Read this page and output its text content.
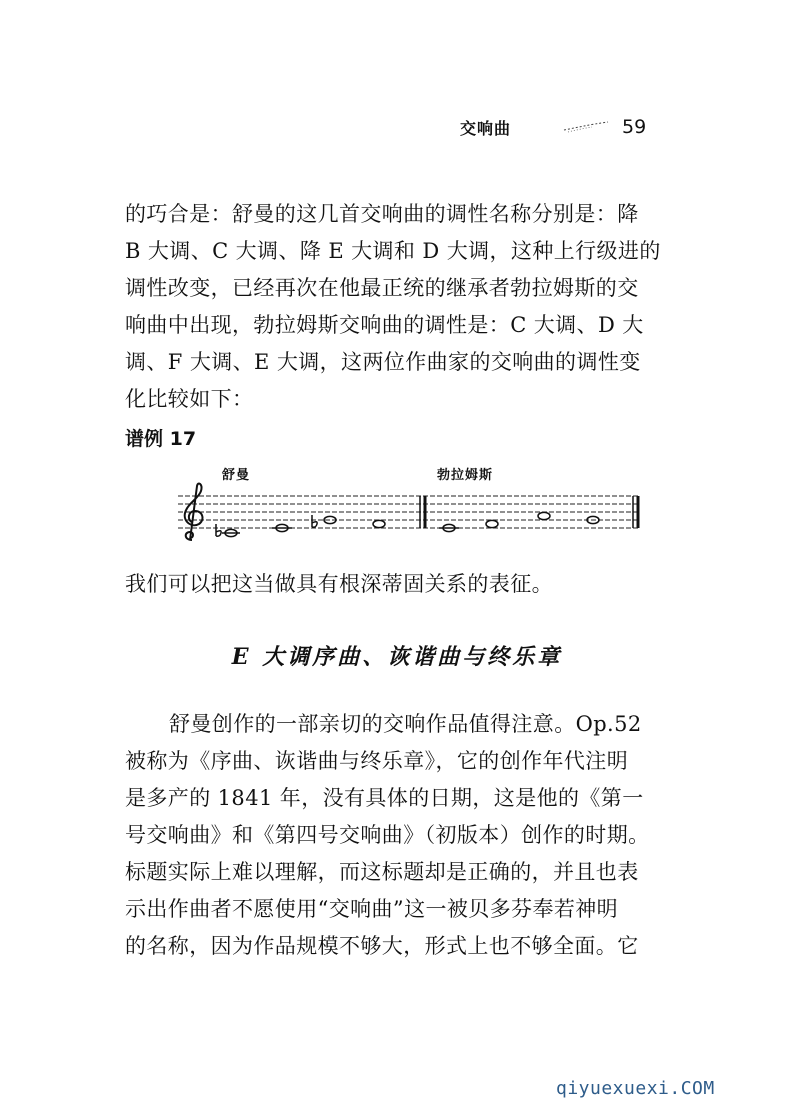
交响曲	59
的巧合是：舒曼的这几首交响曲的调性名称分别是：降
B 大调、C 大调、降 E 大调和 D 大调，这种上行级进的
调性改变，已经再次在他最正统的继承者勃拉姆斯的交
响曲中出现，勃拉姆斯交响曲的调性是：C 大调、D 大
调、F 大调、E 大调，这两位作曲家的交响曲的调性变
化比较如下：
谱例 17
舒曼	勃拉姆斯
我们可以把这当做具有根深蒂固关系的表征。
E 大调序曲、诙谐曲与终乐章
舒曼创作的一部亲切的交响作品值得注意。Op.52
被称为《序曲、诙谐曲与终乐章》，它的创作年代注明
是多产的 1841 年，没有具体的日期，这是他的《第一
号交响曲》和《第四号交响曲》（初版本）创作的时期。
标题实际上难以理解，而这标题却是正确的，并且也表
示出作曲者不愿使用“交响曲”这一被贝多芬奉若神明
的名称，因为作品规模不够大，形式上也不够全面。它
qiyuexuexi.COM
